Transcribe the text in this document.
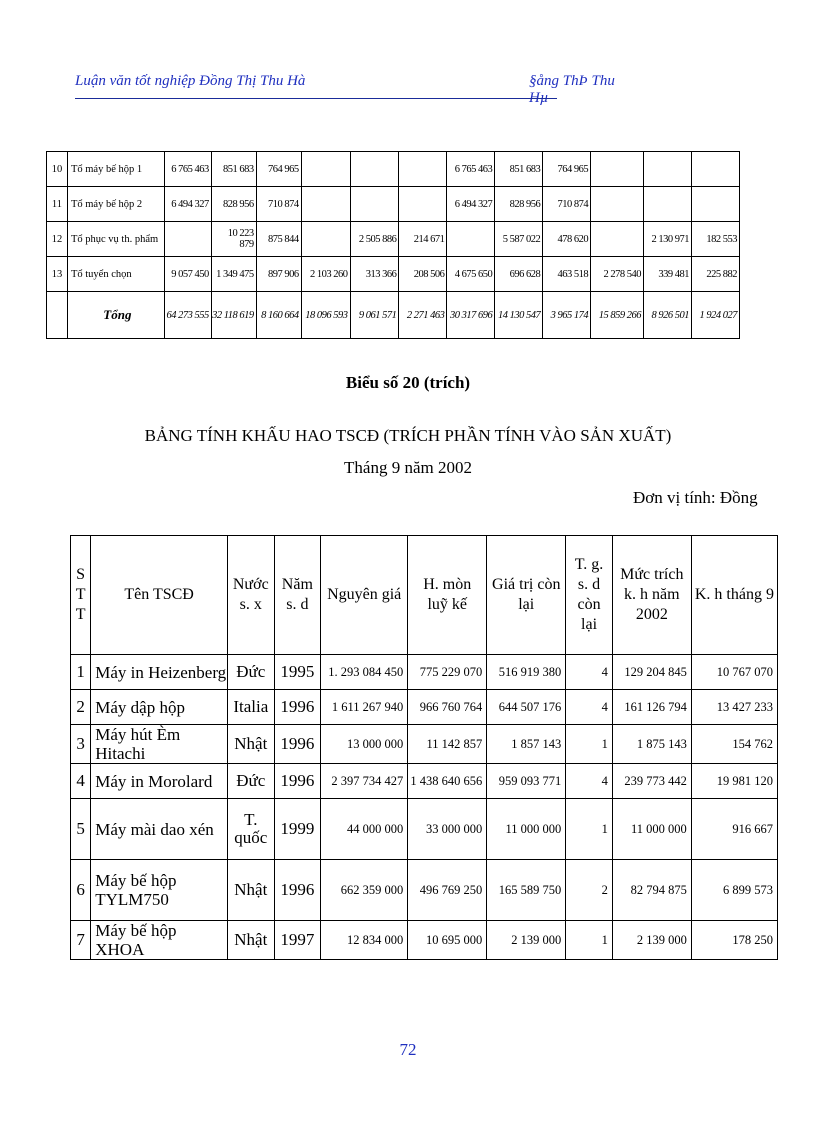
Luận văn tốt nghiệp Đồng Thị Thu Hà	§ång ThÞ Thu Hµ
10	Tổ máy bế hộp 1	6 765 463	851 683	764 965				6 765 463	851 683	764 965			
11	Tổ máy bế hộp 2	6 494 327	828 956	710 874				6 494 327	828 956	710 874			
12	Tổ phục vụ th. phẩm		10 223 879	875 844		2 505 886	214 671		5 587 022	478 620		2 130 971	182 553
13	Tổ tuyển chọn	9 057 450	1 349 475	897 906	2 103 260	313 366	208 506	4 675 650	696 628	463 518	2 278 540	339 481	225 882
	Tổng	64 273 555	32 118 619	8 160 664	18 096 593	9 061 571	2 271 463	30 317 696	14 130 547	3 965 174	15 859 266	8 926 501	1 924 027
Biểu số 20 (trích)
BẢNG TÍNH KHẤU HAO TSCĐ (TRÍCH PHẦN TÍNH VÀO SẢN XUẤT)
Tháng 9 năm 2002
Đơn vị tính: Đồng
S T T	Tên TSCĐ	Nước s. x	Năm s. d	Nguyên giá	H. mòn luỹ kế	Giá trị còn lại	T. g. s. d còn lại	Mức trích k. h năm 2002	K. h tháng 9
1	Máy in Heizenberg	Đức	1995	1. 293 084 450	775 229 070	516 919 380	4	129 204 845	10 767 070
2	Máy dập hộp	Italia	1996	1 611 267 940	966 760 764	644 507 176	4	161 126 794	13 427 233
3	Máy hút Èm Hitachi	Nhật	1996	13 000 000	11 142 857	1 857 143	1	1 875 143	154 762
4	Máy in Morolard	Đức	1996	2 397 734 427	1 438 640 656	959 093 771	4	239 773 442	19 981 120
5	Máy mài dao xén	T. quốc	1999	44 000 000	33 000 000	11 000 000	1	11 000 000	916 667
6	Máy bế hộp TYLM750	Nhật	1996	662 359 000	496 769 250	165 589 750	2	82 794 875	6 899 573
7	Máy bế hộp XHOA	Nhật	1997	12 834 000	10 695 000	2 139 000	1	2 139 000	178 250
72
